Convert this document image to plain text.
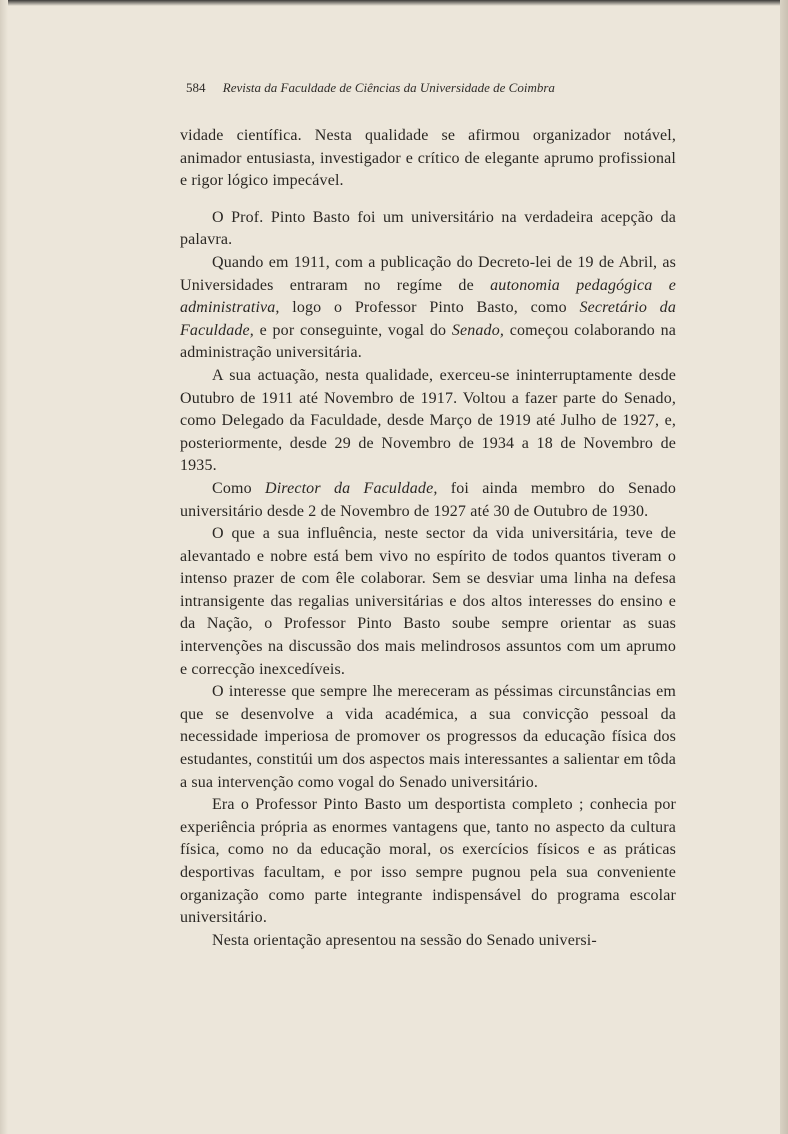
584 Revista da Faculdade de Ciências da Universidade de Coimbra

vidade científica. Nesta qualidade se afirmou organizador notável, animador entusiasta, investigador e crítico de elegante aprumo profissional e rigor lógico impecável.

O Prof. Pinto Basto foi um universitário na verdadeira acepção da palavra.

Quando em 1911, com a publicação do Decreto-lei de 19 de Abril, as Universidades entraram no regíme de autonomia pedagógica e administrativa, logo o Professor Pinto Basto, como Secretário da Faculdade, e por conseguinte, vogal do Senado, começou colaborando na administração universitária.

A sua actuação, nesta qualidade, exerceu-se ininterruptamente desde Outubro de 1911 até Novembro de 1917. Voltou a fazer parte do Senado, como Delegado da Faculdade, desde Março de 1919 até Julho de 1927, e, posteriormente, desde 29 de Novembro de 1934 a 18 de Novembro de 1935.

Como Director da Faculdade, foi ainda membro do Senado universitário desde 2 de Novembro de 1927 até 30 de Outubro de 1930.

O que a sua influência, neste sector da vida universitária, teve de alevantado e nobre está bem vivo no espírito de todos quantos tiveram o intenso prazer de com êle colaborar. Sem se desviar uma linha na defesa intransigente das regalias universitárias e dos altos interesses do ensino e da Nação, o Professor Pinto Basto soube sempre orientar as suas intervenções na discussão dos mais melindrosos assuntos com um aprumo e correcção inexcedíveis.

O interesse que sempre lhe mereceram as péssimas circunstâncias em que se desenvolve a vida académica, a sua convicção pessoal da necessidade imperiosa de promover os progressos da educação física dos estudantes, constitúi um dos aspectos mais interessantes a salientar em tôda a sua intervenção como vogal do Senado universitário.

Era o Professor Pinto Basto um desportista completo ; conhecia por experiência própria as enormes vantagens que, tanto no aspecto da cultura física, como no da educação moral, os exercícios físicos e as práticas desportivas facultam, e por isso sempre pugnou pela sua conveniente organização como parte integrante indispensável do programa escolar universitário.

Nesta orientação apresentou na sessão do Senado universi-
